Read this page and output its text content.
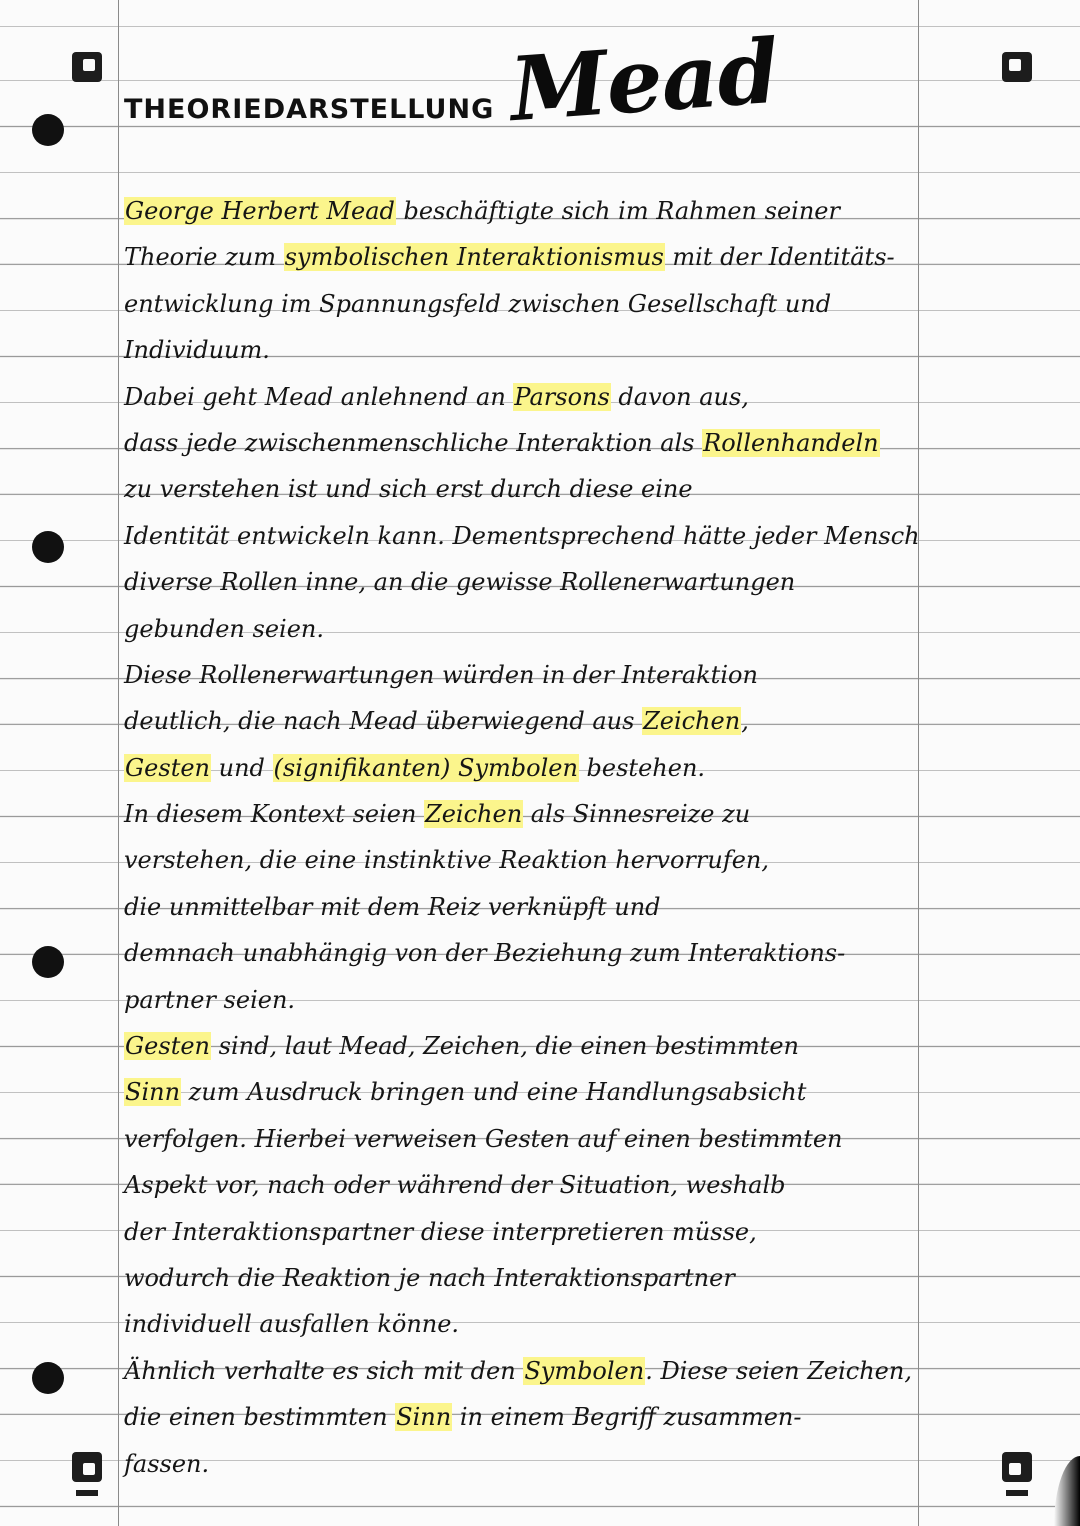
THEORIEDARSTELLUNG Mead
George Herbert Mead beschäftigte sich im Rahmen seiner
Theorie zum symbolischen Interaktionismus mit der Identitäts-
entwicklung im Spannungsfeld zwischen Gesellschaft und
Individuum.
Dabei geht Mead anlehnend an Parsons davon aus,
dass jede zwischenmenschliche Interaktion als Rollenhandeln
zu verstehen ist und sich erst durch diese eine
Identität entwickeln kann. Dementsprechend hätte jeder Mensch
diverse Rollen inne, an die gewisse Rollenerwartungen
gebunden seien.
Diese Rollenerwartungen würden in der Interaktion
deutlich, die nach Mead überwiegend aus Zeichen,
Gesten und (signifikanten) Symbolen bestehen.
In diesem Kontext seien Zeichen als Sinnesreize zu
verstehen, die eine instinktive Reaktion hervorrufen,
die unmittelbar mit dem Reiz verknüpft und
demnach unabhängig von der Beziehung zum Interaktions-
partner seien.
Gesten sind, laut Mead, Zeichen, die einen bestimmten
Sinn zum Ausdruck bringen und eine Handlungsabsicht
verfolgen. Hierbei verweisen Gesten auf einen bestimmten
Aspekt vor, nach oder während der Situation, weshalb
der Interaktionspartner diese interpretieren müsse,
wodurch die Reaktion je nach Interaktionspartner
individuell ausfallen könne.
Ähnlich verhalte es sich mit den Symbolen. Diese seien Zeichen,
die einen bestimmten Sinn in einem Begriff zusammen-
fassen.
